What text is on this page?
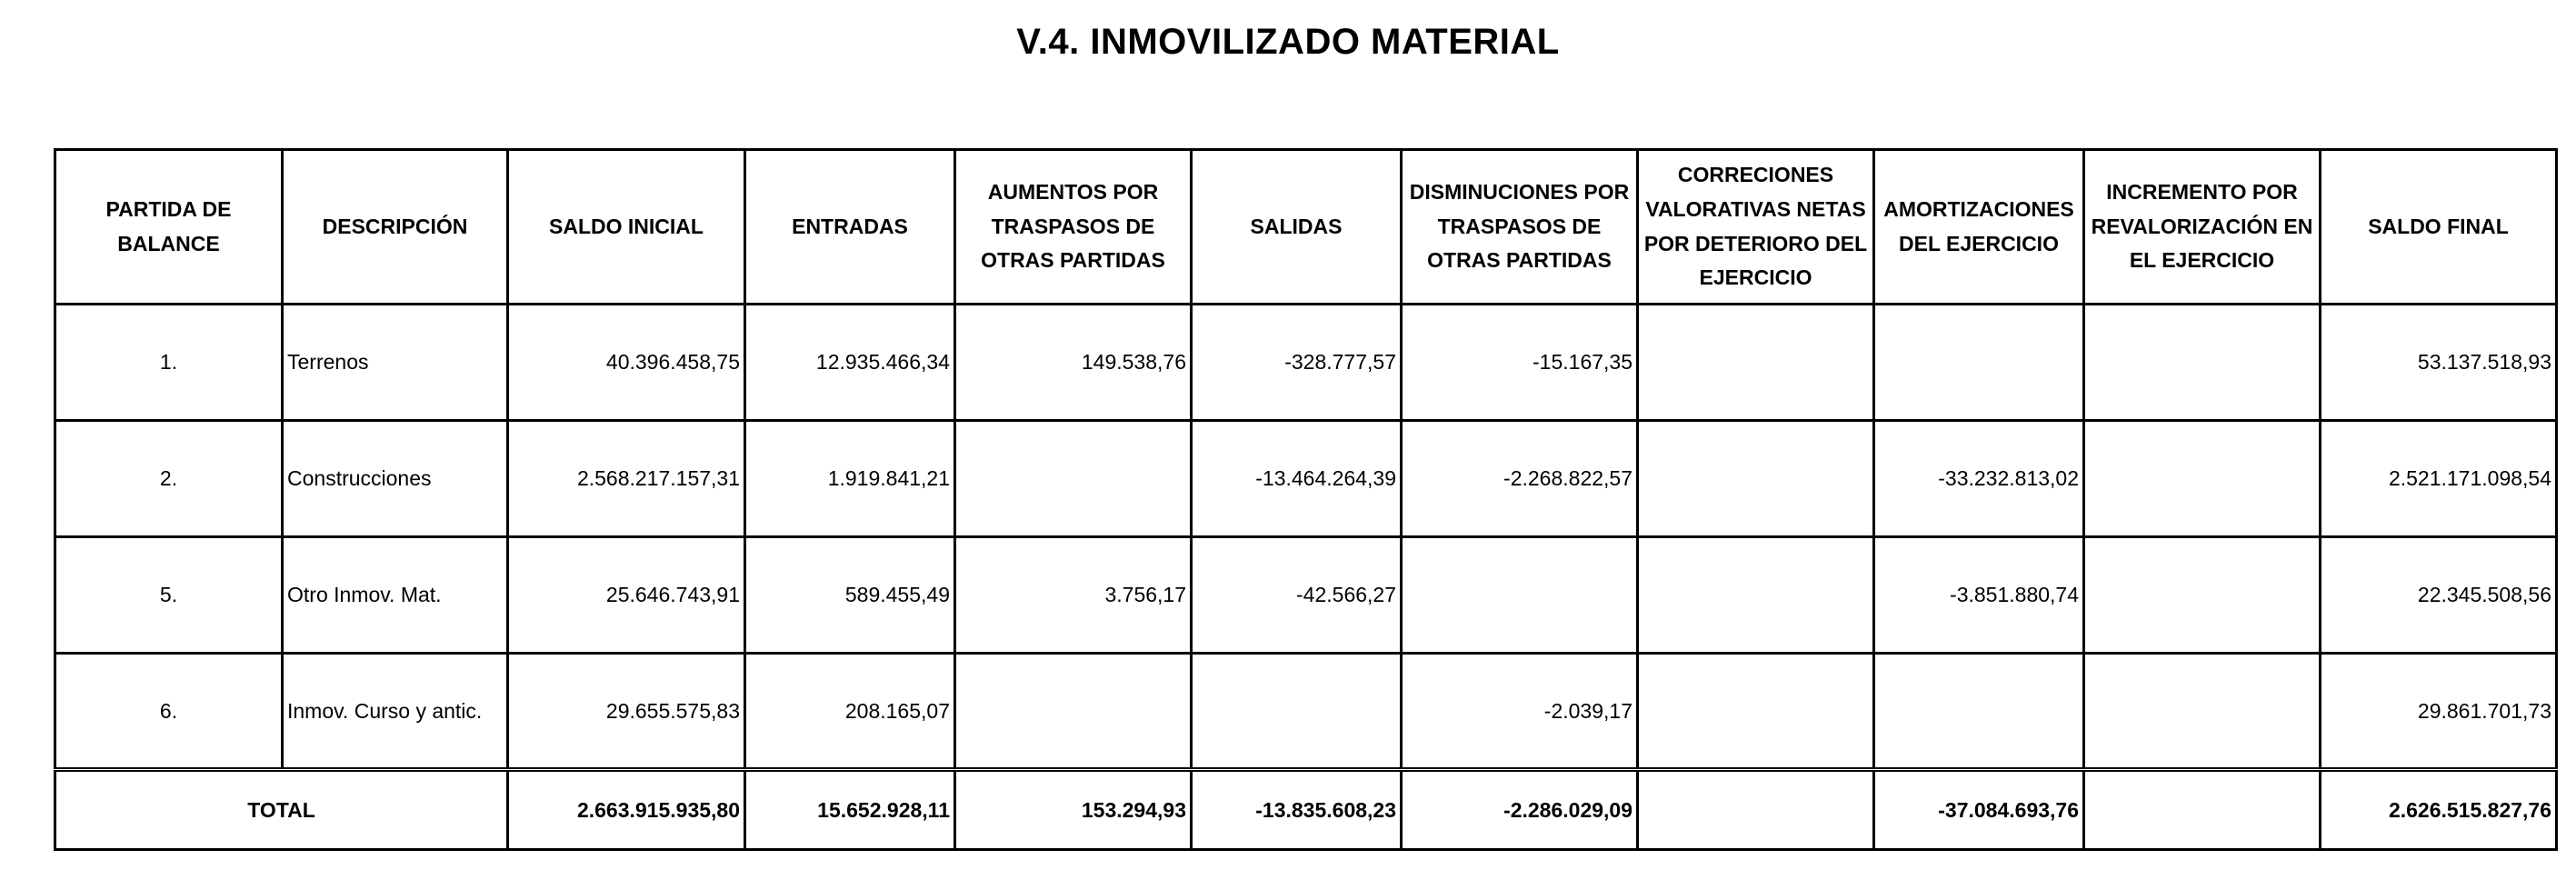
V.4. INMOVILIZADO MATERIAL
PARTIDA DE BALANCE	DESCRIPCIÓN	SALDO INICIAL	ENTRADAS	AUMENTOS POR TRASPASOS DE OTRAS PARTIDAS	SALIDAS	DISMINUCIONES POR TRASPASOS DE OTRAS PARTIDAS	CORRECIONES VALORATIVAS NETAS POR DETERIORO DEL EJERCICIO	AMORTIZACIONES DEL EJERCICIO	INCREMENTO POR REVALORIZACIÓN EN EL EJERCICIO	SALDO FINAL
1.	Terrenos	40.396.458,75	12.935.466,34	149.538,76	-328.777,57	-15.167,35				53.137.518,93
2.	Construcciones	2.568.217.157,31	1.919.841,21		-13.464.264,39	-2.268.822,57		-33.232.813,02		2.521.171.098,54
5.	Otro Inmov. Mat.	25.646.743,91	589.455,49	3.756,17	-42.566,27			-3.851.880,74		22.345.508,56
6.	Inmov. Curso y antic.	29.655.575,83	208.165,07			-2.039,17				29.861.701,73
TOTAL		2.663.915.935,80	15.652.928,11	153.294,93	-13.835.608,23	-2.286.029,09		-37.084.693,76		2.626.515.827,76
